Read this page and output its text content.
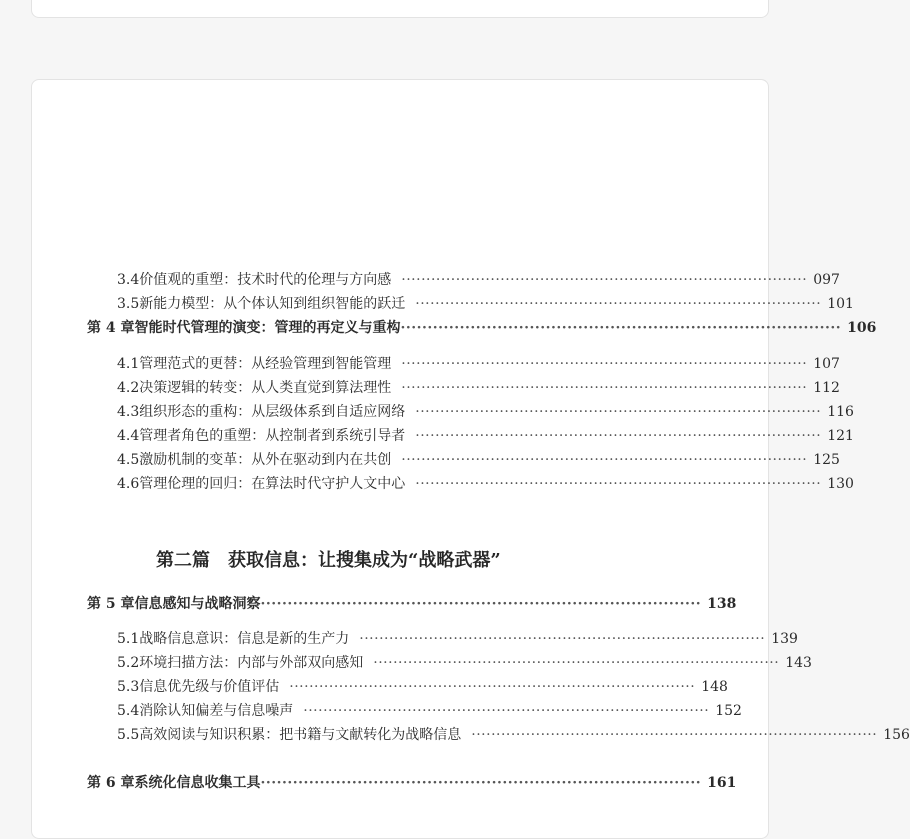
3.4 价值观的重塑：技术时代的伦理与方向感 ·················································································· 097
3.5 新能力模型：从个体认知到组织智能的跃迁 ·················································································· 101
第 4 章 智能时代管理的演变：管理的再定义与重构 ·················································································· 106
4.1 管理范式的更替：从经验管理到智能管理 ·················································································· 107
4.2 决策逻辑的转变：从人类直觉到算法理性 ·················································································· 112
4.3 组织形态的重构：从层级体系到自适应网络 ·················································································· 116
4.4 管理者角色的重塑：从控制者到系统引导者 ·················································································· 121
4.5 激励机制的变革：从外在驱动到内在共创 ·················································································· 125
4.6 管理伦理的回归：在算法时代守护人文中心 ·················································································· 130
第二篇 获取信息：让搜集成为“战略武器”
第 5 章 信息感知与战略洞察 ·················································································· 138
5.1 战略信息意识：信息是新的生产力 ·················································································· 139
5.2 环境扫描方法：内部与外部双向感知 ·················································································· 143
5.3 信息优先级与价值评估 ·················································································· 148
5.4 消除认知偏差与信息噪声 ·················································································· 152
5.5 高效阅读与知识积累：把书籍与文献转化为战略信息 ·················································································· 156
第 6 章 系统化信息收集工具 ·················································································· 161
